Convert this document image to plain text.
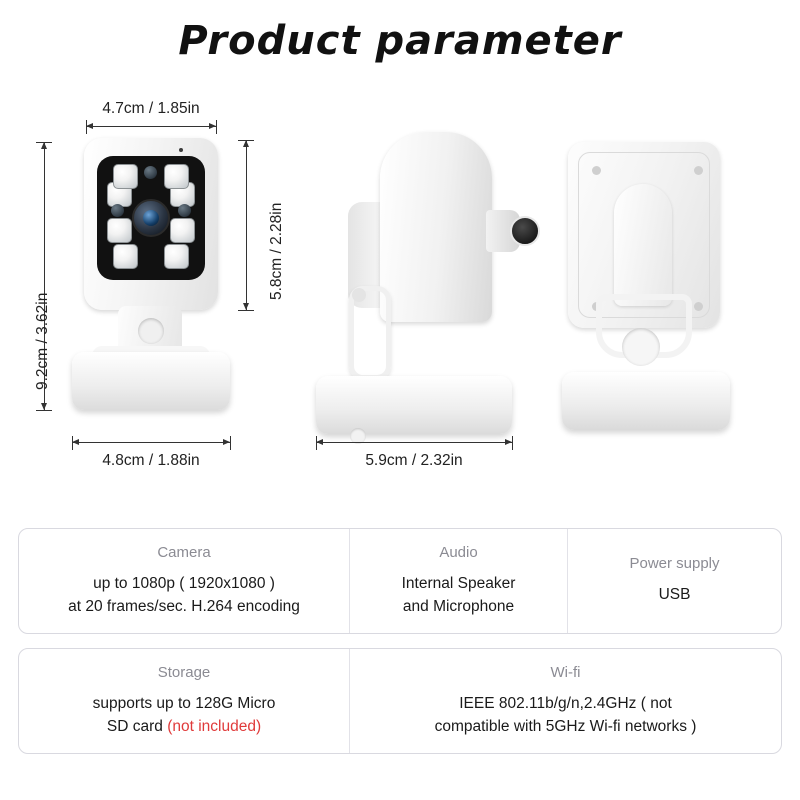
Product parameter
4.7cm / 1.85in
5.8cm / 2.28in
9.2cm / 3.62in
4.8cm / 1.88in	5.9cm / 2.32in
Camera
up to 1080p ( 1920x1080 )
at 20 frames/sec. H.264 encoding
Audio
Internal Speaker
and Microphone
Power supply
USB
Storage
supports up to 128G Micro
SD card (not included)
Wi-fi
IEEE 802.11b/g/n,2.4GHz ( not
compatible with 5GHz Wi-fi networks )
